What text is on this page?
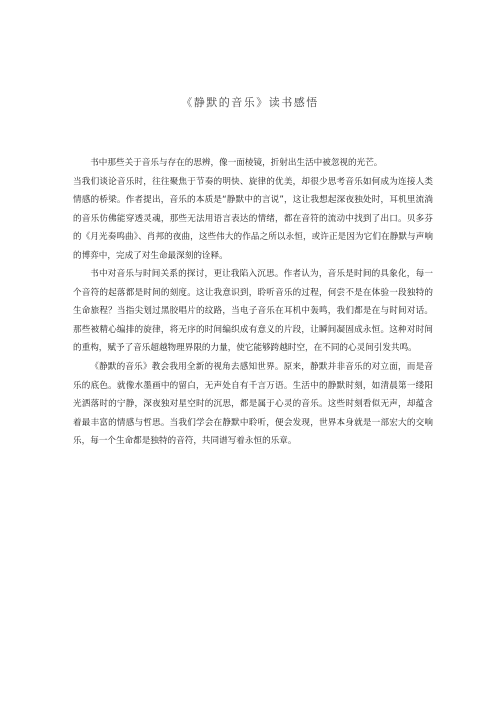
《静默的音乐》读书感悟

书中那些关于音乐与存在的思辨，像一面棱镜，折射出生活中被忽视的光芒。

当我们谈论音乐时，往往聚焦于节奏的明快、旋律的优美，却很少思考音乐如何成为连接人类情感的桥梁。作者提出，音乐的本质是“静默中的言说”，这让我想起深夜独处时，耳机里流淌的音乐仿佛能穿透灵魂，那些无法用语言表达的情绪，都在音符的流动中找到了出口。贝多芬的《月光奏鸣曲》、肖邦的夜曲，这些伟大的作品之所以永恒，或许正是因为它们在静默与声响的博弈中，完成了对生命最深刻的诠释。

书中对音乐与时间关系的探讨，更让我陷入沉思。作者认为，音乐是时间的具象化，每一个音符的起落都是时间的刻度。这让我意识到，聆听音乐的过程，何尝不是在体验一段独特的生命旅程？当指尖划过黑胶唱片的纹路，当电子音乐在耳机中轰鸣，我们都是在与时间对话。那些被精心编排的旋律，将无序的时间编织成有意义的片段，让瞬间凝固成永恒。这种对时间的重构，赋予了音乐超越物理界限的力量，使它能够跨越时空，在不同的心灵间引发共鸣。

《静默的音乐》教会我用全新的视角去感知世界。原来，静默并非音乐的对立面，而是音乐的底色。就像水墨画中的留白，无声处自有千言万语。生活中的静默时刻，如清晨第一缕阳光洒落时的宁静，深夜独对星空时的沉思，都是属于心灵的音乐。这些时刻看似无声，却蕴含着最丰富的情感与哲思。当我们学会在静默中聆听，便会发现，世界本身就是一部宏大的交响乐，每一个生命都是独特的音符，共同谱写着永恒的乐章。
